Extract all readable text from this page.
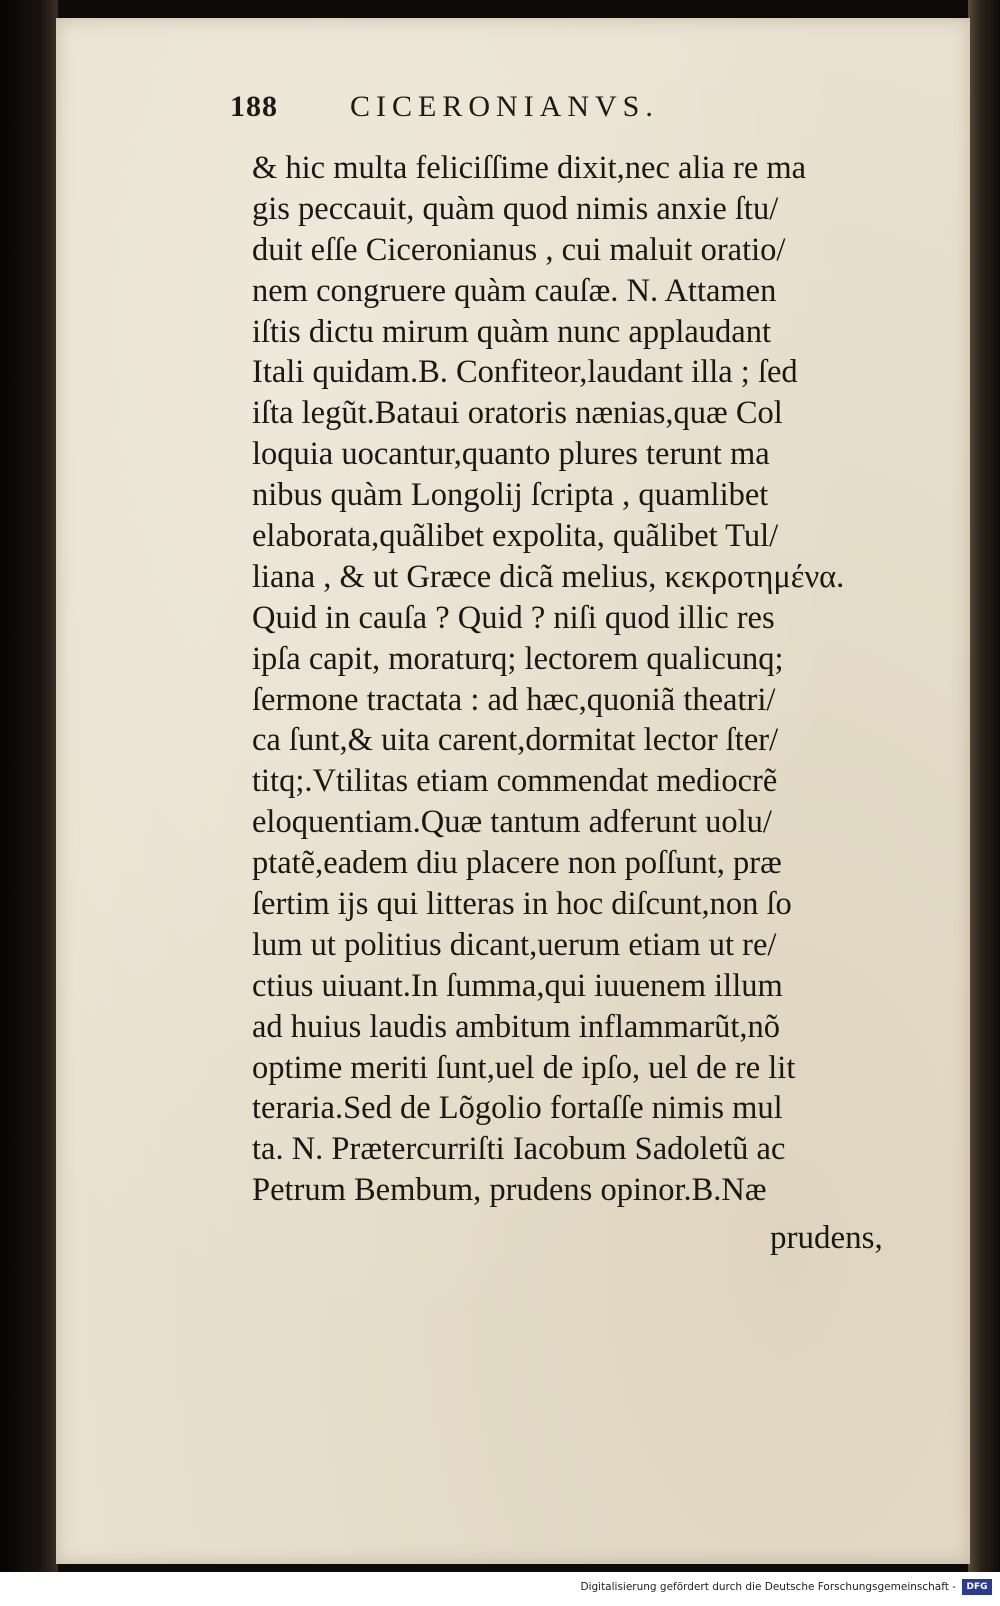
188 CICERONIANVS.
& hic multa feliciſſime dixit,nec alia re ma
gis peccauit, quàm quod nimis anxie ſtu/
duit eſſe Ciceronianus , cui maluit oratio/
nem congruere quàm cauſæ. N. Attamen
iſtis dictu mirum quàm nunc applaudant
Itali quidam.B. Confiteor,laudant illa ; ſed
iſta legũt.Bataui oratoris nænias,quæ Col
loquia uocantur,quanto plures terunt ma
nibus quàm Longolij ſcripta , quamlibet
elaborata,quãlibet expolita, quãlibet Tul/
liana , & ut Græce dicã melius, κεκροτημένα.
Quid in cauſa ? Quid ? niſi quod illic res
ipſa capit, moraturq; lectorem qualicunq;
ſermone tractata : ad hæc,quoniã theatri/
ca ſunt,& uita carent,dormitat lector ſter/
titq;.Vtilitas etiam commendat mediocrẽ
eloquentiam.Quæ tantum adferunt uolu/
ptatẽ,eadem diu placere non poſſunt, præ
ſertim ijs qui litteras in hoc diſcunt,non ſo
lum ut politius dicant,uerum etiam ut re/
ctius uiuant.In ſumma,qui iuuenem illum
ad huius laudis ambitum inflammarũt,nõ
optime meriti ſunt,uel de ipſo, uel de re lit
teraria.Sed de Lõgolio fortaſſe nimis mul
ta. N. Prætercurriſti Iacobum Sadoletũ ac
Petrum Bembum, prudens opinor.B.Næ
prudens,
Digitalisierung gefördert durch die Deutsche Forschungsgemeinschaft -	DFG
